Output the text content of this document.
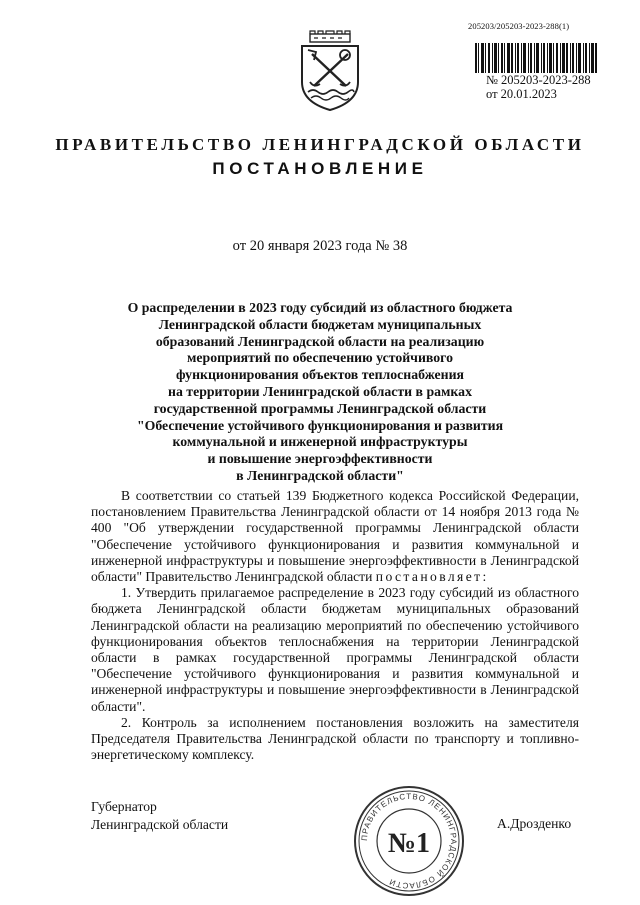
205203/205203-2023-288(1)
№ 205203-2023-288
от 20.01.2023
ПРАВИТЕЛЬСТВО ЛЕНИНГРАДСКОЙ ОБЛАСТИ
ПОСТАНОВЛЕНИЕ
от 20 января 2023 года № 38
О распределении в 2023 году субсидий из областного бюджета
Ленинградской области бюджетам муниципальных
образований Ленинградской области на реализацию
мероприятий по обеспечению устойчивого
функционирования объектов теплоснабжения
на территории Ленинградской области в рамках
государственной программы Ленинградской области
"Обеспечение устойчивого функционирования и развития
коммунальной и инженерной инфраструктуры
и повышение энергоэффективности
в Ленинградской области"

В соответствии со статьей 139 Бюджетного кодекса Российской Федерации, постановлением Правительства Ленинградской области от 14 ноября 2013 года № 400 "Об утверждении государственной программы Ленинградской области "Обеспечение устойчивого функционирования и развития коммунальной и инженерной инфраструктуры и повышение энергоэффективности в Ленинградской области" Правительство Ленинградской области постановляет:

1. Утвердить прилагаемое распределение в 2023 году субсидий из областного бюджета Ленинградской области бюджетам муниципальных образований Ленинградской области на реализацию мероприятий по обеспечению устойчивого функционирования объектов теплоснабжения на территории Ленинградской области в рамках государственной программы Ленинградской области "Обеспечение устойчивого функционирования и развития коммунальной и инженерной инфраструктуры и повышение энергоэффективности в Ленинградской области".

2. Контроль за исполнением постановления возложить на заместителя Председателя Правительства Ленинградской области по транспорту и топливно-энергетическому комплексу.

Губернатор
Ленинградской области
ПРАВИТЕЛЬСТВО ЛЕНИНГРАДСКОЙ ОБЛАСТИ
№1
А.Дрозденко
